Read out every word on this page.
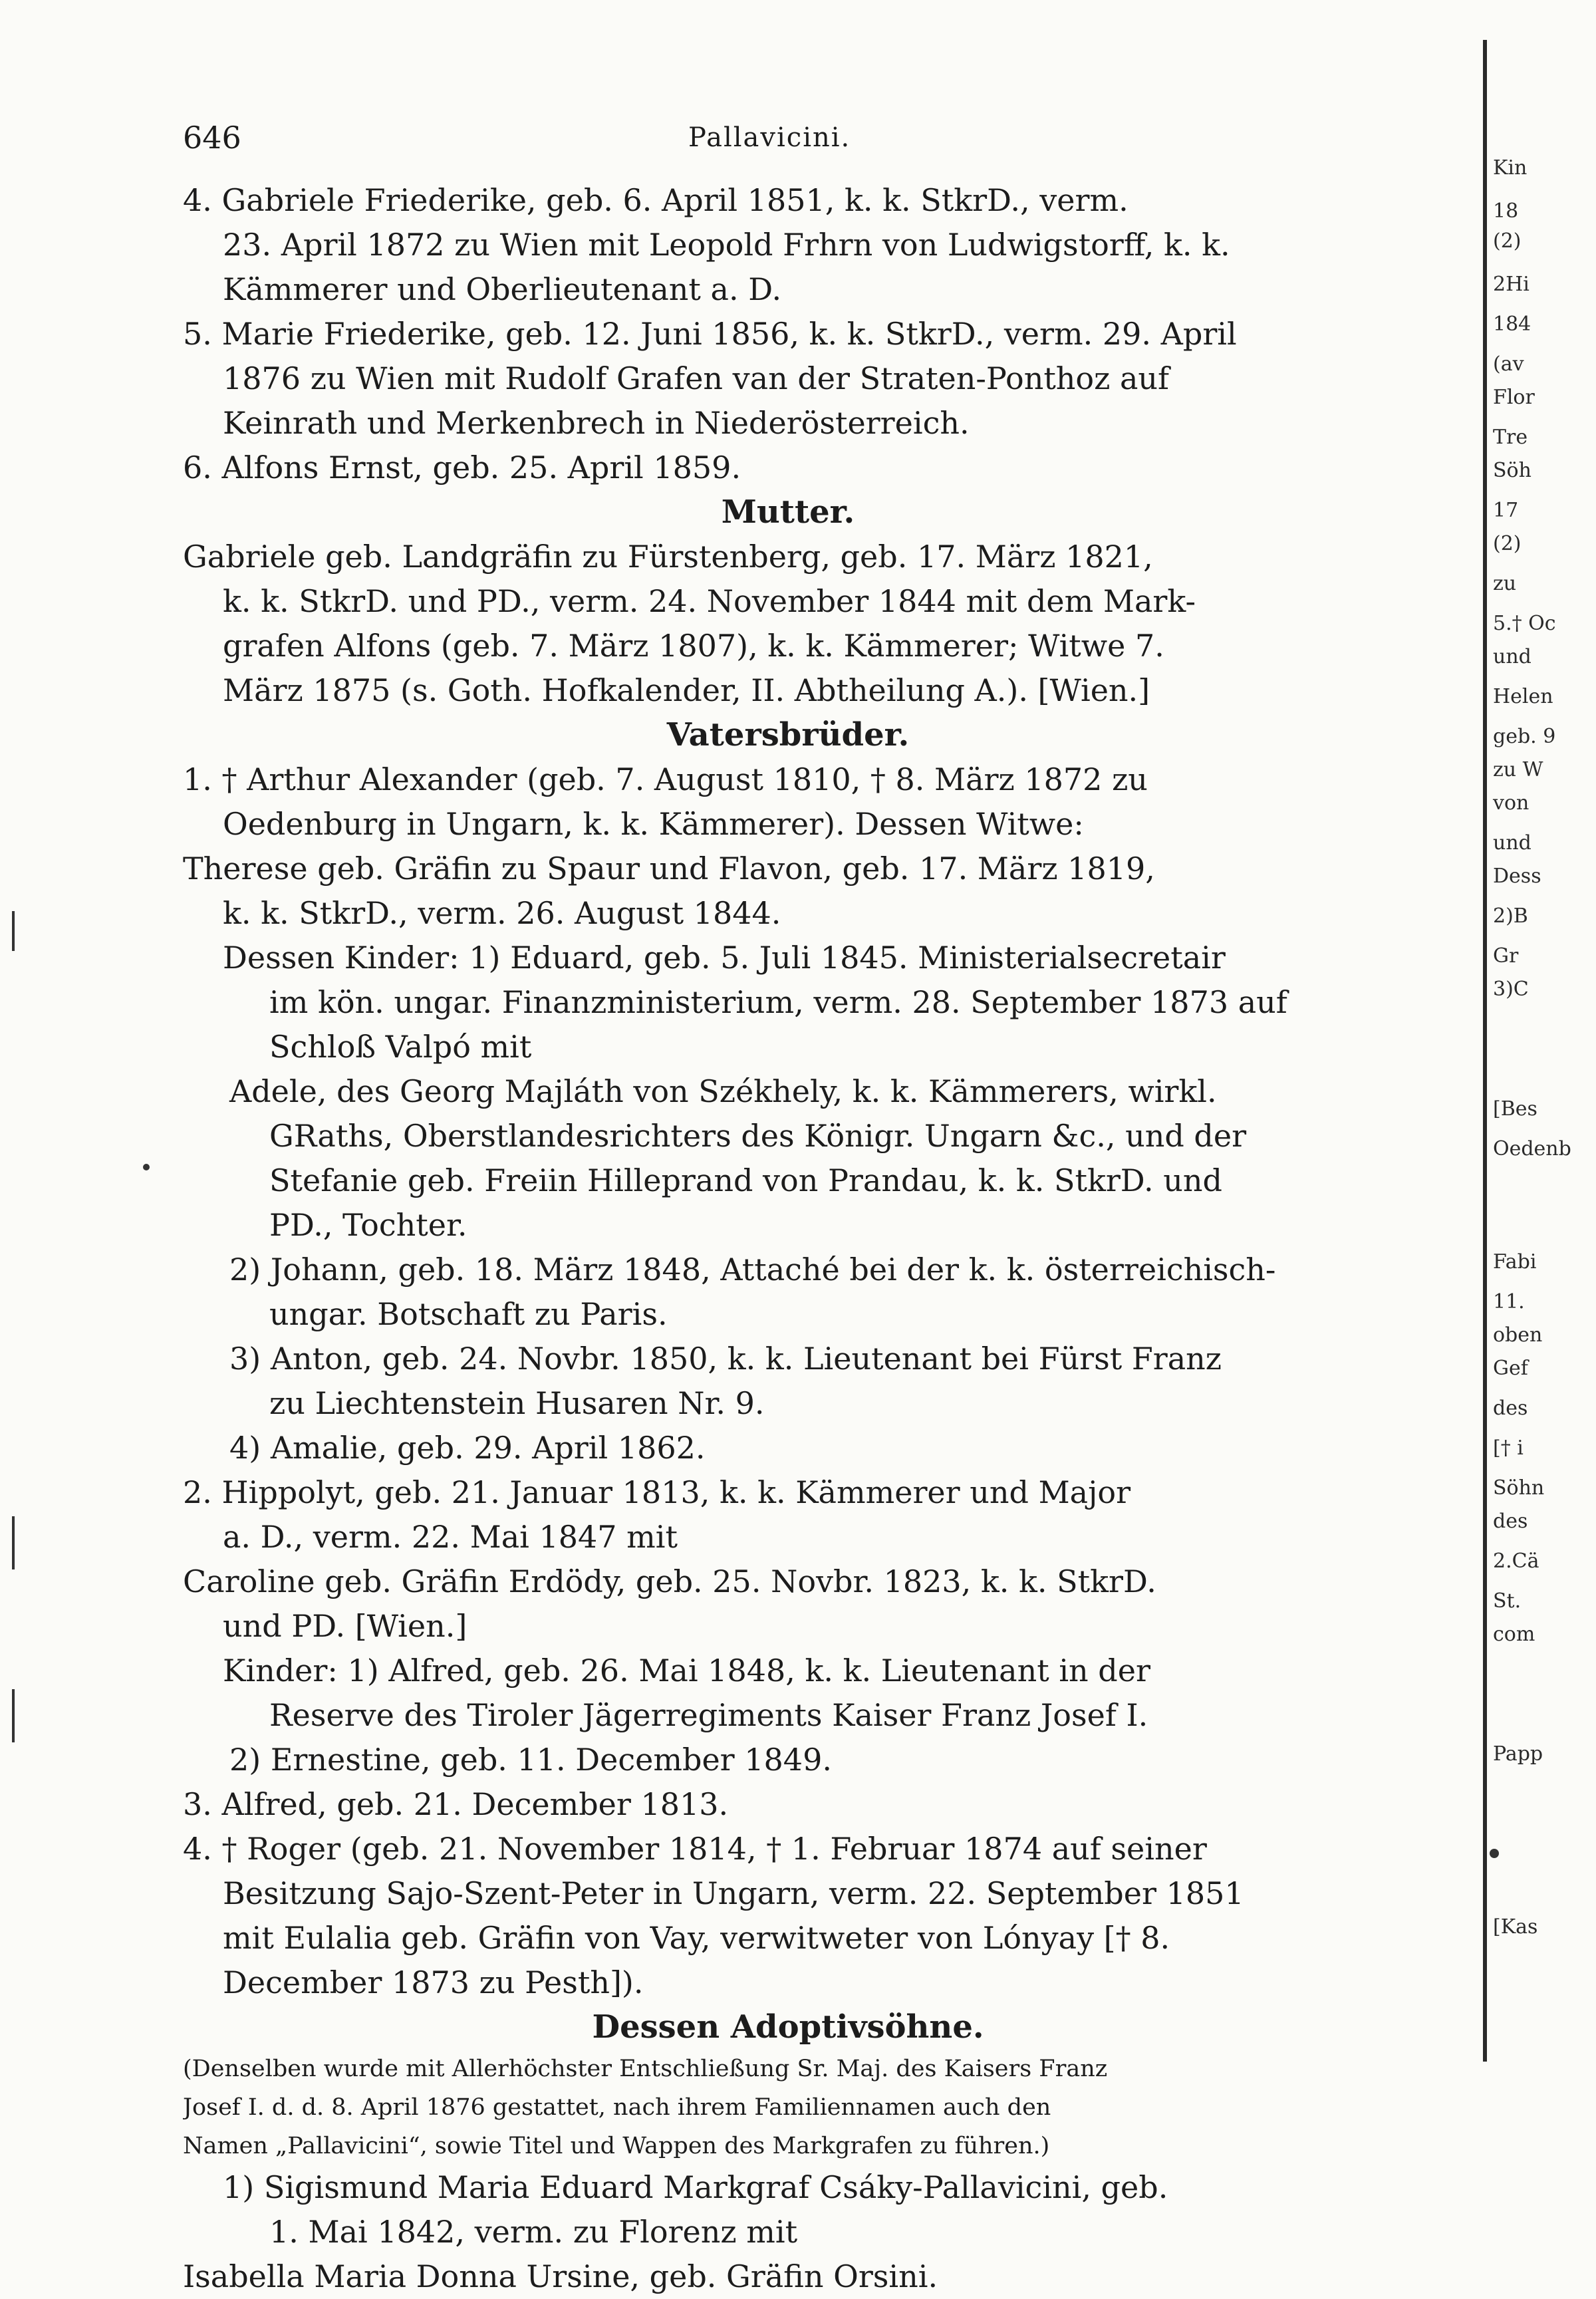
646	Pallavicini.
4. Gabriele Friederike, geb. 6. April 1851, k. k. StkrD., verm.
23. April 1872 zu Wien mit Leopold Frhrn von Ludwigstorff, k. k.
Kämmerer und Oberlieutenant a. D.
5. Marie Friederike, geb. 12. Juni 1856, k. k. StkrD., verm. 29. April
1876 zu Wien mit Rudolf Grafen van der Straten-Ponthoz auf
Keinrath und Merkenbrech in Niederösterreich.
6. Alfons Ernst, geb. 25. April 1859.
Mutter.
Gabriele geb. Landgräfin zu Fürstenberg, geb. 17. März 1821,
k. k. StkrD. und PD., verm. 24. November 1844 mit dem Mark-
grafen Alfons (geb. 7. März 1807), k. k. Kämmerer; Witwe 7.
März 1875 (s. Goth. Hofkalender, II. Abtheilung A.). [Wien.]
Vatersbrüder.
1. † Arthur Alexander (geb. 7. August 1810, † 8. März 1872 zu
Oedenburg in Ungarn, k. k. Kämmerer). Dessen Witwe:
Therese geb. Gräfin zu Spaur und Flavon, geb. 17. März 1819,
k. k. StkrD., verm. 26. August 1844.
Dessen Kinder: 1) Eduard, geb. 5. Juli 1845. Ministerialsecretair
im kön. ungar. Finanzministerium, verm. 28. September 1873 auf
Schloß Valpó mit
Adele, des Georg Majláth von Székhely, k. k. Kämmerers, wirkl.
GRaths, Oberstlandesrichters des Königr. Ungarn &c., und der
Stefanie geb. Freiin Hilleprand von Prandau, k. k. StkrD. und
PD., Tochter.
2) Johann, geb. 18. März 1848, Attaché bei der k. k. österreichisch-
ungar. Botschaft zu Paris.
3) Anton, geb. 24. Novbr. 1850, k. k. Lieutenant bei Fürst Franz
zu Liechtenstein Husaren Nr. 9.
4) Amalie, geb. 29. April 1862.
2. Hippolyt, geb. 21. Januar 1813, k. k. Kämmerer und Major
a. D., verm. 22. Mai 1847 mit
Caroline geb. Gräfin Erdödy, geb. 25. Novbr. 1823, k. k. StkrD.
und PD. [Wien.]
Kinder: 1) Alfred, geb. 26. Mai 1848, k. k. Lieutenant in der
Reserve des Tiroler Jägerregiments Kaiser Franz Josef I.
2) Ernestine, geb. 11. December 1849.
3. Alfred, geb. 21. December 1813.
4. † Roger (geb. 21. November 1814, † 1. Februar 1874 auf seiner
Besitzung Sajo-Szent-Peter in Ungarn, verm. 22. September 1851
mit Eulalia geb. Gräfin von Vay, verwitweter von Lónyay [† 8.
December 1873 zu Pesth]).
Dessen Adoptivsöhne.
(Denselben wurde mit Allerhöchster Entschließung Sr. Maj. des Kaisers Franz
Josef I. d. d. 8. April 1876 gestattet, nach ihrem Familiennamen auch den
Namen „Pallavicini“, sowie Titel und Wappen des Markgrafen zu führen.)
1) Sigismund Maria Eduard Markgraf Csáky-Pallavicini, geb.
1. Mai 1842, verm. zu Florenz mit
Isabella Maria Donna Ursine, geb. Gräfin Orsini.
Kin
18
(2)
2Hi
184
(av
Flor
Tre
Söh
17
(2)
zu
5.† Oc
und
Helen
geb. 9
zu W
von
und
Dess
2)B
Gr
3)C
[Bes
Oedenb
Fabi
11.
oben
Gef
des
[† i
Söhn
des
2.Cä
St.
com
Papp
[Kas
